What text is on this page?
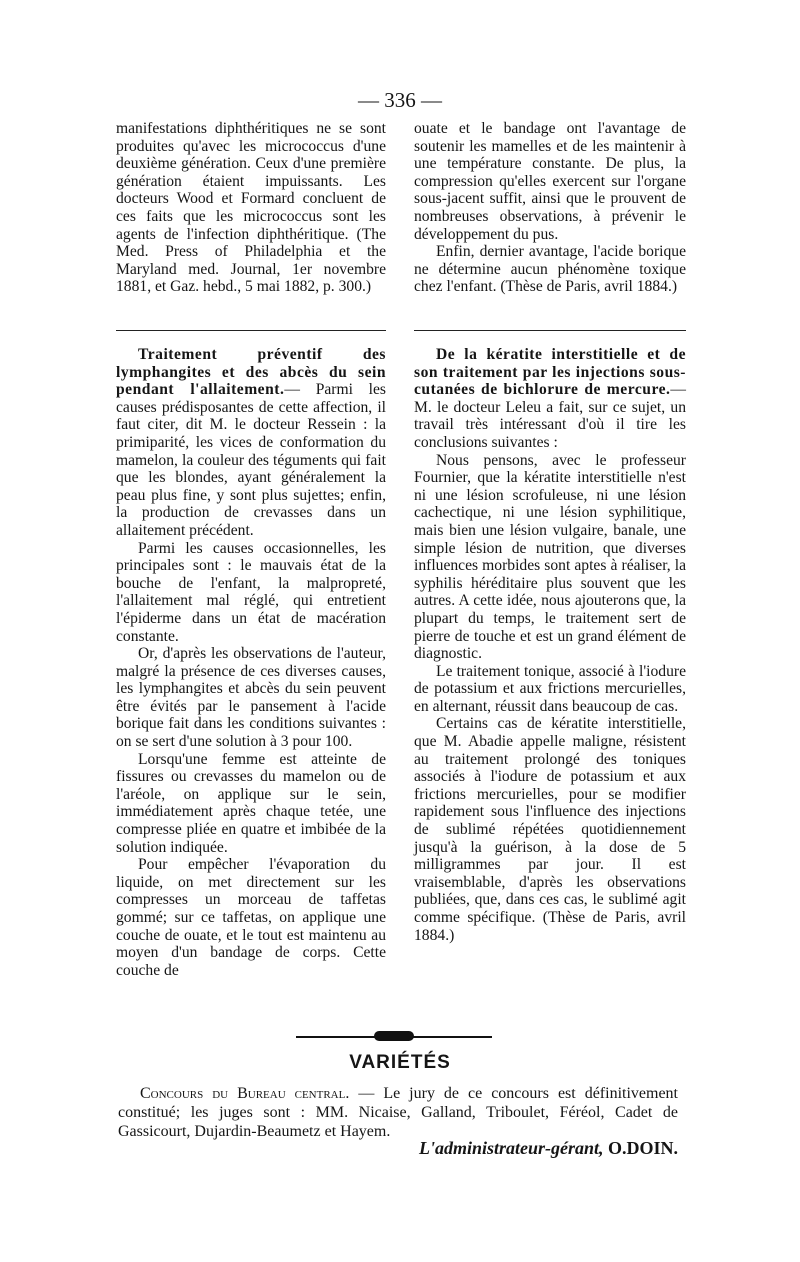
— 336 —

manifestations diphthéritiques ne se sont produites qu'avec les micrococcus d'une deuxième génération. Ceux d'une première génération étaient impuissants. Les docteurs Wood et Formard concluent de ces faits que les micrococcus sont les agents de l'infection diphthéritique. (The Med. Press of Philadelphia et the Maryland med. Journal, 1er novembre 1881, et Gaz. hebd., 5 mai 1882, p. 300.)

Traitement préventif des lymphangites et des abcès du sein pendant l'allaitement.— Parmi les causes prédisposantes de cette affection, il faut citer, dit M. le docteur Ressein : la primiparité, les vices de conformation du mamelon, la couleur des téguments qui fait que les blondes, ayant généralement la peau plus fine, y sont plus sujettes; enfin, la production de crevasses dans un allaitement précédent.

Parmi les causes occasionnelles, les principales sont : le mauvais état de la bouche de l'enfant, la malpropreté, l'allaitement mal réglé, qui entretient l'épiderme dans un état de macération constante.

Or, d'après les observations de l'auteur, malgré la présence de ces diverses causes, les lymphangites et abcès du sein peuvent être évités par le pansement à l'acide borique fait dans les conditions suivantes : on se sert d'une solution à 3 pour 100.

Lorsqu'une femme est atteinte de fissures ou crevasses du mamelon ou de l'aréole, on applique sur le sein, immédiatement après chaque tetée, une compresse pliée en quatre et imbibée de la solution indiquée.

Pour empêcher l'évaporation du liquide, on met directement sur les compresses un morceau de taffetas gommé; sur ce taffetas, on applique une couche de ouate, et le tout est maintenu au moyen d'un bandage de corps. Cette couche de

ouate et le bandage ont l'avantage de soutenir les mamelles et de les maintenir à une température constante. De plus, la compression qu'elles exercent sur l'organe sous-jacent suffit, ainsi que le prouvent de nombreuses observations, à prévenir le développement du pus.

Enfin, dernier avantage, l'acide borique ne détermine aucun phénomène toxique chez l'enfant. (Thèse de Paris, avril 1884.)

De la kératite interstitielle et de son traitement par les injections sous-cutanées de bichlorure de mercure.— M. le docteur Leleu a fait, sur ce sujet, un travail très intéressant d'où il tire les conclusions suivantes :

Nous pensons, avec le professeur Fournier, que la kératite interstitielle n'est ni une lésion scrofuleuse, ni une lésion cachectique, ni une lésion syphilitique, mais bien une lésion vulgaire, banale, une simple lésion de nutrition, que diverses influences morbides sont aptes à réaliser, la syphilis héréditaire plus souvent que les autres. A cette idée, nous ajouterons que, la plupart du temps, le traitement sert de pierre de touche et est un grand élément de diagnostic.

Le traitement tonique, associé à l'iodure de potassium et aux frictions mercurielles, en alternant, réussit dans beaucoup de cas.

Certains cas de kératite interstitielle, que M. Abadie appelle maligne, résistent au traitement prolongé des toniques associés à l'iodure de potassium et aux frictions mercurielles, pour se modifier rapidement sous l'influence des injections de sublimé répétées quotidiennement jusqu'à la guérison, à la dose de 5 milligrammes par jour. Il est vraisemblable, d'après les observations publiées, que, dans ces cas, le sublimé agit comme spécifique. (Thèse de Paris, avril 1884.)

VARIÉTÉS

Concours du Bureau central. — Le jury de ce concours est définitivement constitué; les juges sont : MM. Nicaise, Galland, Triboulet, Féréol, Cadet de Gassicourt, Dujardin-Beaumetz et Hayem.

L'administrateur-gérant, O.DOIN.
